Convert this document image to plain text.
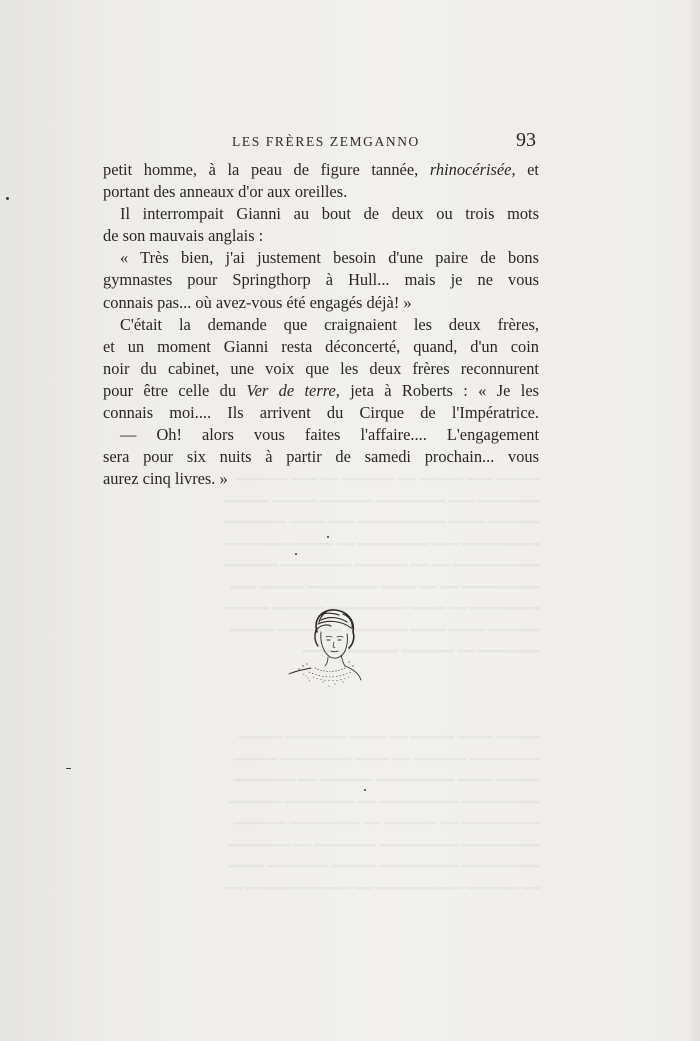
━━━━━ ━━━ ━━━━━ ━━ ━━━━━━ ━━ ━━━ ━━━━━━
━━━━━━━ ━━━ ━━━━━━━━ ━━━━━━ ━━━━━ ━━━━━
━━━━━━ ━━━━ ━━━━━━━━━━ ━━━ ━━━━ ━━━━━━━
━━━━━━━━━ ━━━ ━━━━━━━━ ━━ ━━━━━ ━━━━━━━
━━━━━━━━━━ ━━ ━━ ━━━━━━ ━━━━━━━━ ━━━━━━
━━━━━━━━━ ━━ ━━ ━━━━ ━━━━━━━━ ━━━━━ ━━━
━━━━━━━━ ━━ ━━━━ ━━━━━━━━━ ━━━━━━ ━━━━━
━━━━━━ ━━━━ ━━━━ ━━━━━━━ ━━ ━━━━━ ━━━━━
━━━━━━━ ━━ ━━━━━━ ━━━━━━━━━━━

━━━━━ ━━━━ ━━━━━ ━━ ━━━━ ━━━━━━━ ━━━━━
━━━━━━━━ ━━━━━━ ━━ ━━━━ ━━━━━━━━ ━━━━━
━━━━━ ━━━━ ━━━━━━━━━ ━━━━━━ ━━ ━━━━━━━
━━━━━━━━━ ━━━━━━━━━ ━━ ━━━━━━━━ ━━━━━━
━━━━━━━━━ ━━ ━━━━━━ ━━ ━━━━━━━━ ━━━━━━
━━━━━━━━━ ━━━━━━━━━ ━━━━━━━ ━━ ━━━━━━━
━━━━━━━━━ ━━━━━━━━━ ━━━━━ ━━━━━━━ ━━━━
━━ ━━━━━━ ━━━━━━━━━━ ━━ ━━━━━━━━━━━━ ━━
LES FRÈRES ZEMGANNO	93
petit homme, à la peau de figure tannée, rhinocérisée, et
portant des anneaux d'or aux oreilles.
Il interrompait Gianni au bout de deux ou trois mots
de son mauvais anglais :
« Très bien, j'ai justement besoin d'une paire de bons
gymnastes pour Springthorp à Hull... mais je ne vous
connais pas... où avez-vous été engagés déjà! »
C'était la demande que craignaient les deux frères,
et un moment Gianni resta déconcerté, quand, d'un coin
noir du cabinet, une voix que les deux frères reconnurent
pour être celle du Ver de terre, jeta à Roberts : « Je les
connais moi.... Ils arrivent du Cirque de l'Impératrice.
— Oh! alors vous faites l'affaire.... L'engagement
sera pour six nuits à partir de samedi prochain... vous
aurez cinq livres. »
